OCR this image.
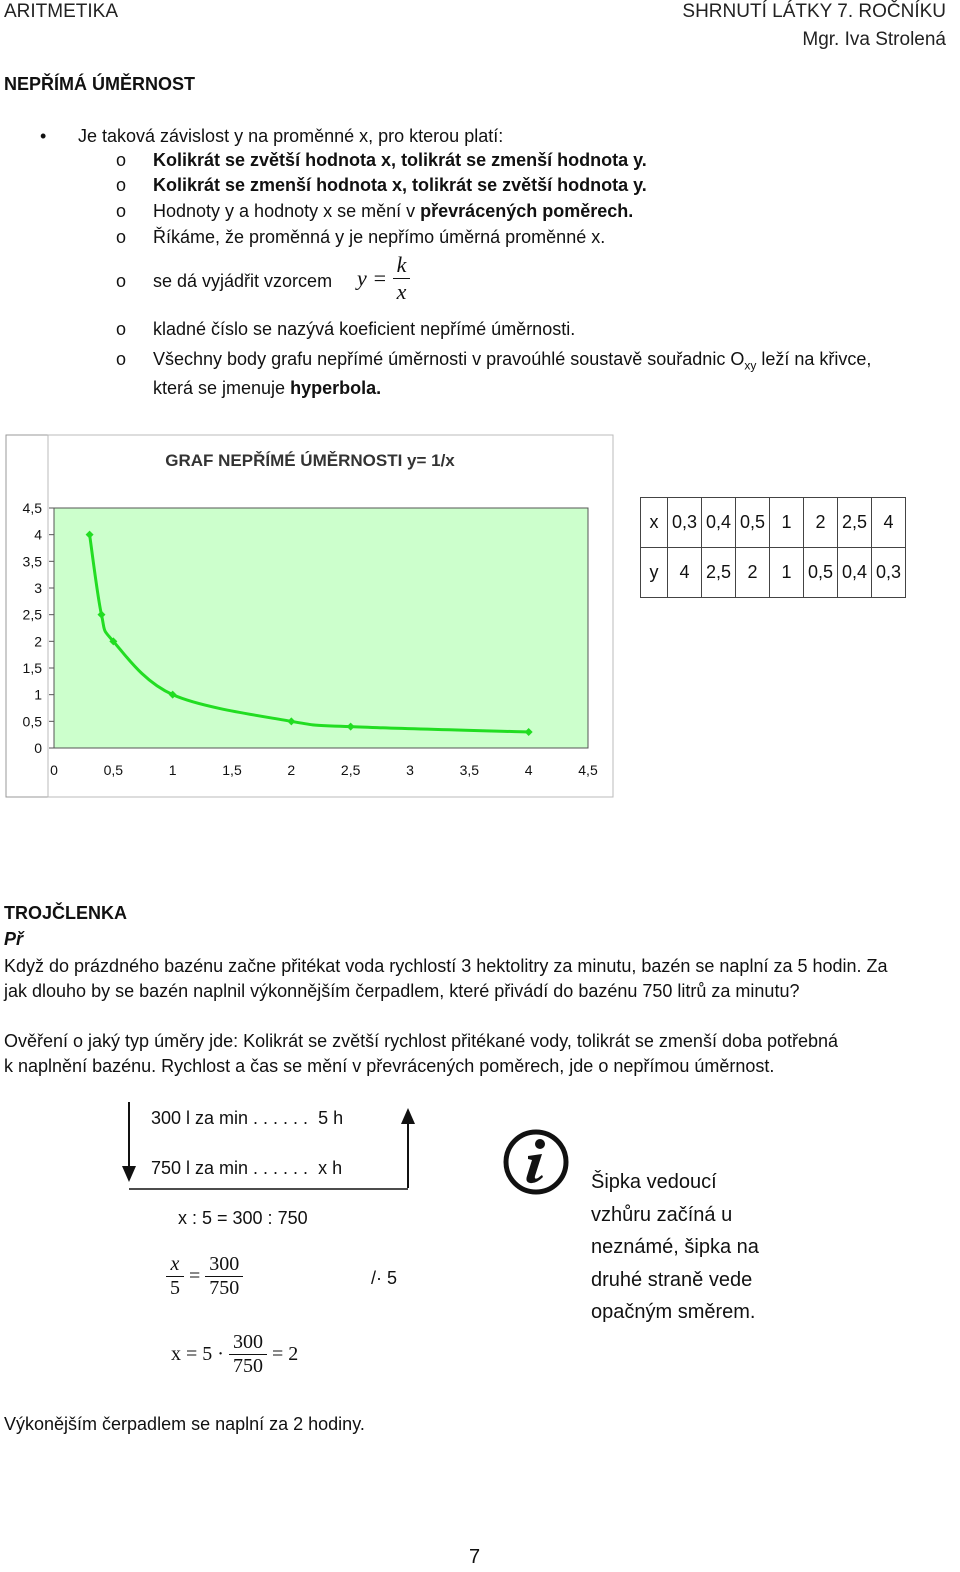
ARITMETIKA	SHRNUTÍ LÁTKY 7. ROČNÍKU
Mgr. Iva Strolená
NEPŘÍMÁ ÚMĚRNOST
• Je taková závislost y na proměnné x, pro kterou platí:
o Kolikrát se zvětší hodnota x, tolikrát se zmenší hodnota y.
o Kolikrát se zmenší hodnota x, tolikrát se zvětší hodnota y.
o Hodnoty y a hodnoty x se mění v převrácených poměrech.
o Říkáme, že proměnná y je nepřímo úměrná proměnné x.
o se dá vyjádřit vzorcem $y = \frac{k}{x}$
o kladné číslo se nazývá koeficient nepřímé úměrnosti.
o Všechny body grafu nepřímé úměrnosti v pravoúhlé soustavě souřadnic $O_{xy}$ leží na křivce,
která se jmenuje hyperbola.
GRAF NEPŘÍMÉ ÚMĚRNOSTI y= 1/x
0
0,5
1
1,5
2
2,5
3
3,5
4
4,5
0	0,5	1	1,5	2	2,5	3	3,5	4	4,5
x	0,3	0,4	0,5	1	2	2,5	4
y	4	2,5	2	1	0,5	0,4	0,3
TROJČLENKA
Př
Když do prázdného bazénu začne přitékat voda rychlostí 3 hektolitry za minutu, bazén se naplní za 5 hodin. Za
jak dlouho by se bazén naplnil výkonnějším čerpadlem, které přivádí do bazénu 750 litrů za minutu?
Ověření o jaký typ úměry jde: Kolikrát se zvětší rychlost přitékané vody, tolikrát se zmenší doba potřebná
k naplnění bazénu. Rychlost a čas se mění v převrácených poměrech, jde o nepřímou úměrnost.
300 l za min . . . . . .  5 h
750 l za min . . . . . .  x h
x : 5 = 300 : 750
$\frac{x}{5} = \frac{300}{750}$	/· 5
$x = 5 \cdot \frac{300}{750} = 2$
Šipka vedoucí
vzhůru začíná u
neznámé, šipka na
druhé straně vede
opačným směrem.
Výkonějším čerpadlem se naplní za 2 hodiny.
7
